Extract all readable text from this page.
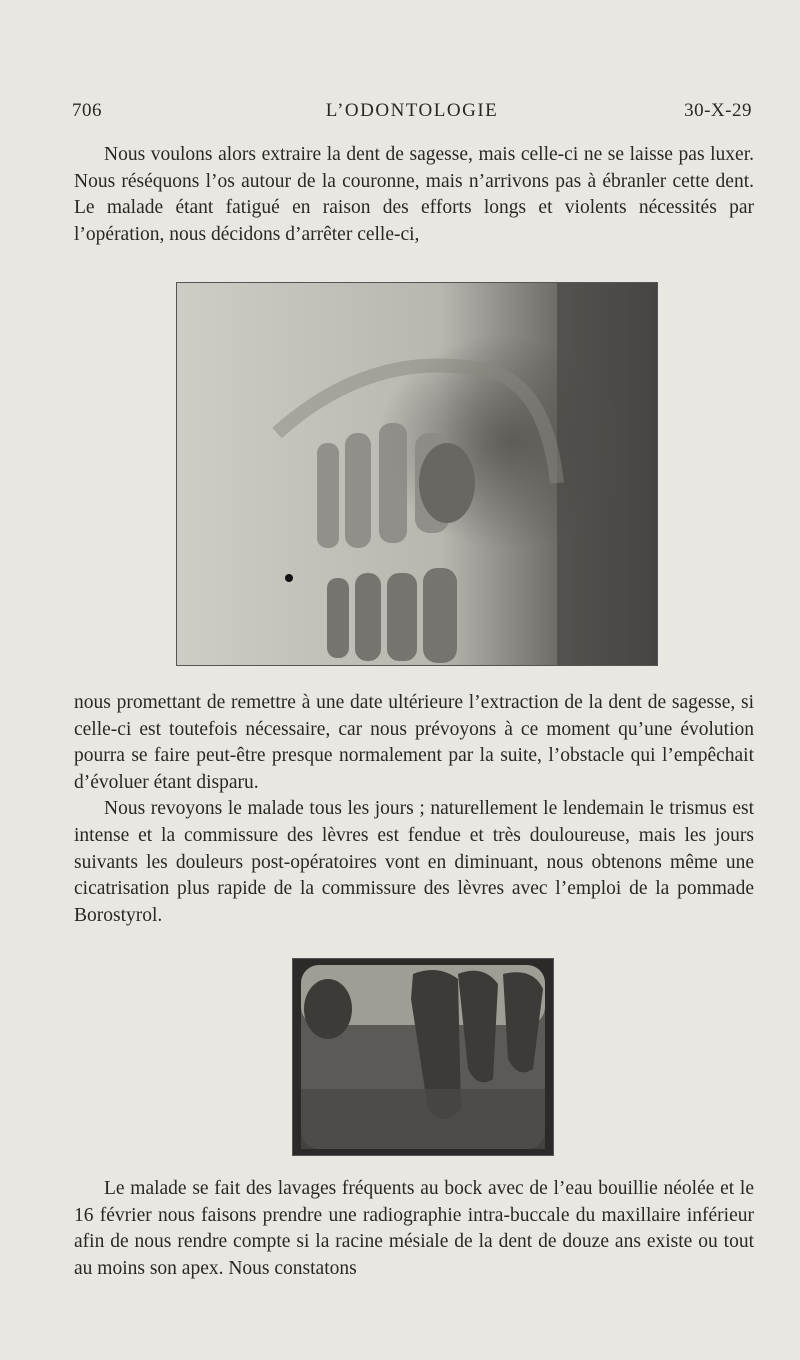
706	L’ODONTOLOGIE	30-X-29

Nous voulons alors extraire la dent de sagesse, mais celle-ci ne se laisse pas luxer. Nous réséquons l’os autour de la couronne, mais n’arrivons pas à ébranler cette dent. Le malade étant fatigué en raison des efforts longs et violents nécessités par l’opération, nous décidons d’arrêter celle-ci,

nous promettant de remettre à une date ultérieure l’extraction de la dent de sagesse, si celle-ci est toutefois nécessaire, car nous prévoyons à ce moment qu’une évolution pourra se faire peut-être presque normalement par la suite, l’obstacle qui l’empêchait d’évoluer étant disparu.

Nous revoyons le malade tous les jours ; naturellement le lendemain le trismus est intense et la commissure des lèvres est fendue et très douloureuse, mais les jours suivants les douleurs post-opératoires vont en diminuant, nous obtenons même une cicatrisation plus rapide de la commissure des lèvres avec l’emploi de la pommade Borostyrol.

Le malade se fait des lavages fréquents au bock avec de l’eau bouillie néolée et le 16 février nous faisons prendre une radiographie intra-buccale du maxillaire inférieur afin de nous rendre compte si la racine mésiale de la dent de douze ans existe ou tout au moins son apex. Nous constatons
